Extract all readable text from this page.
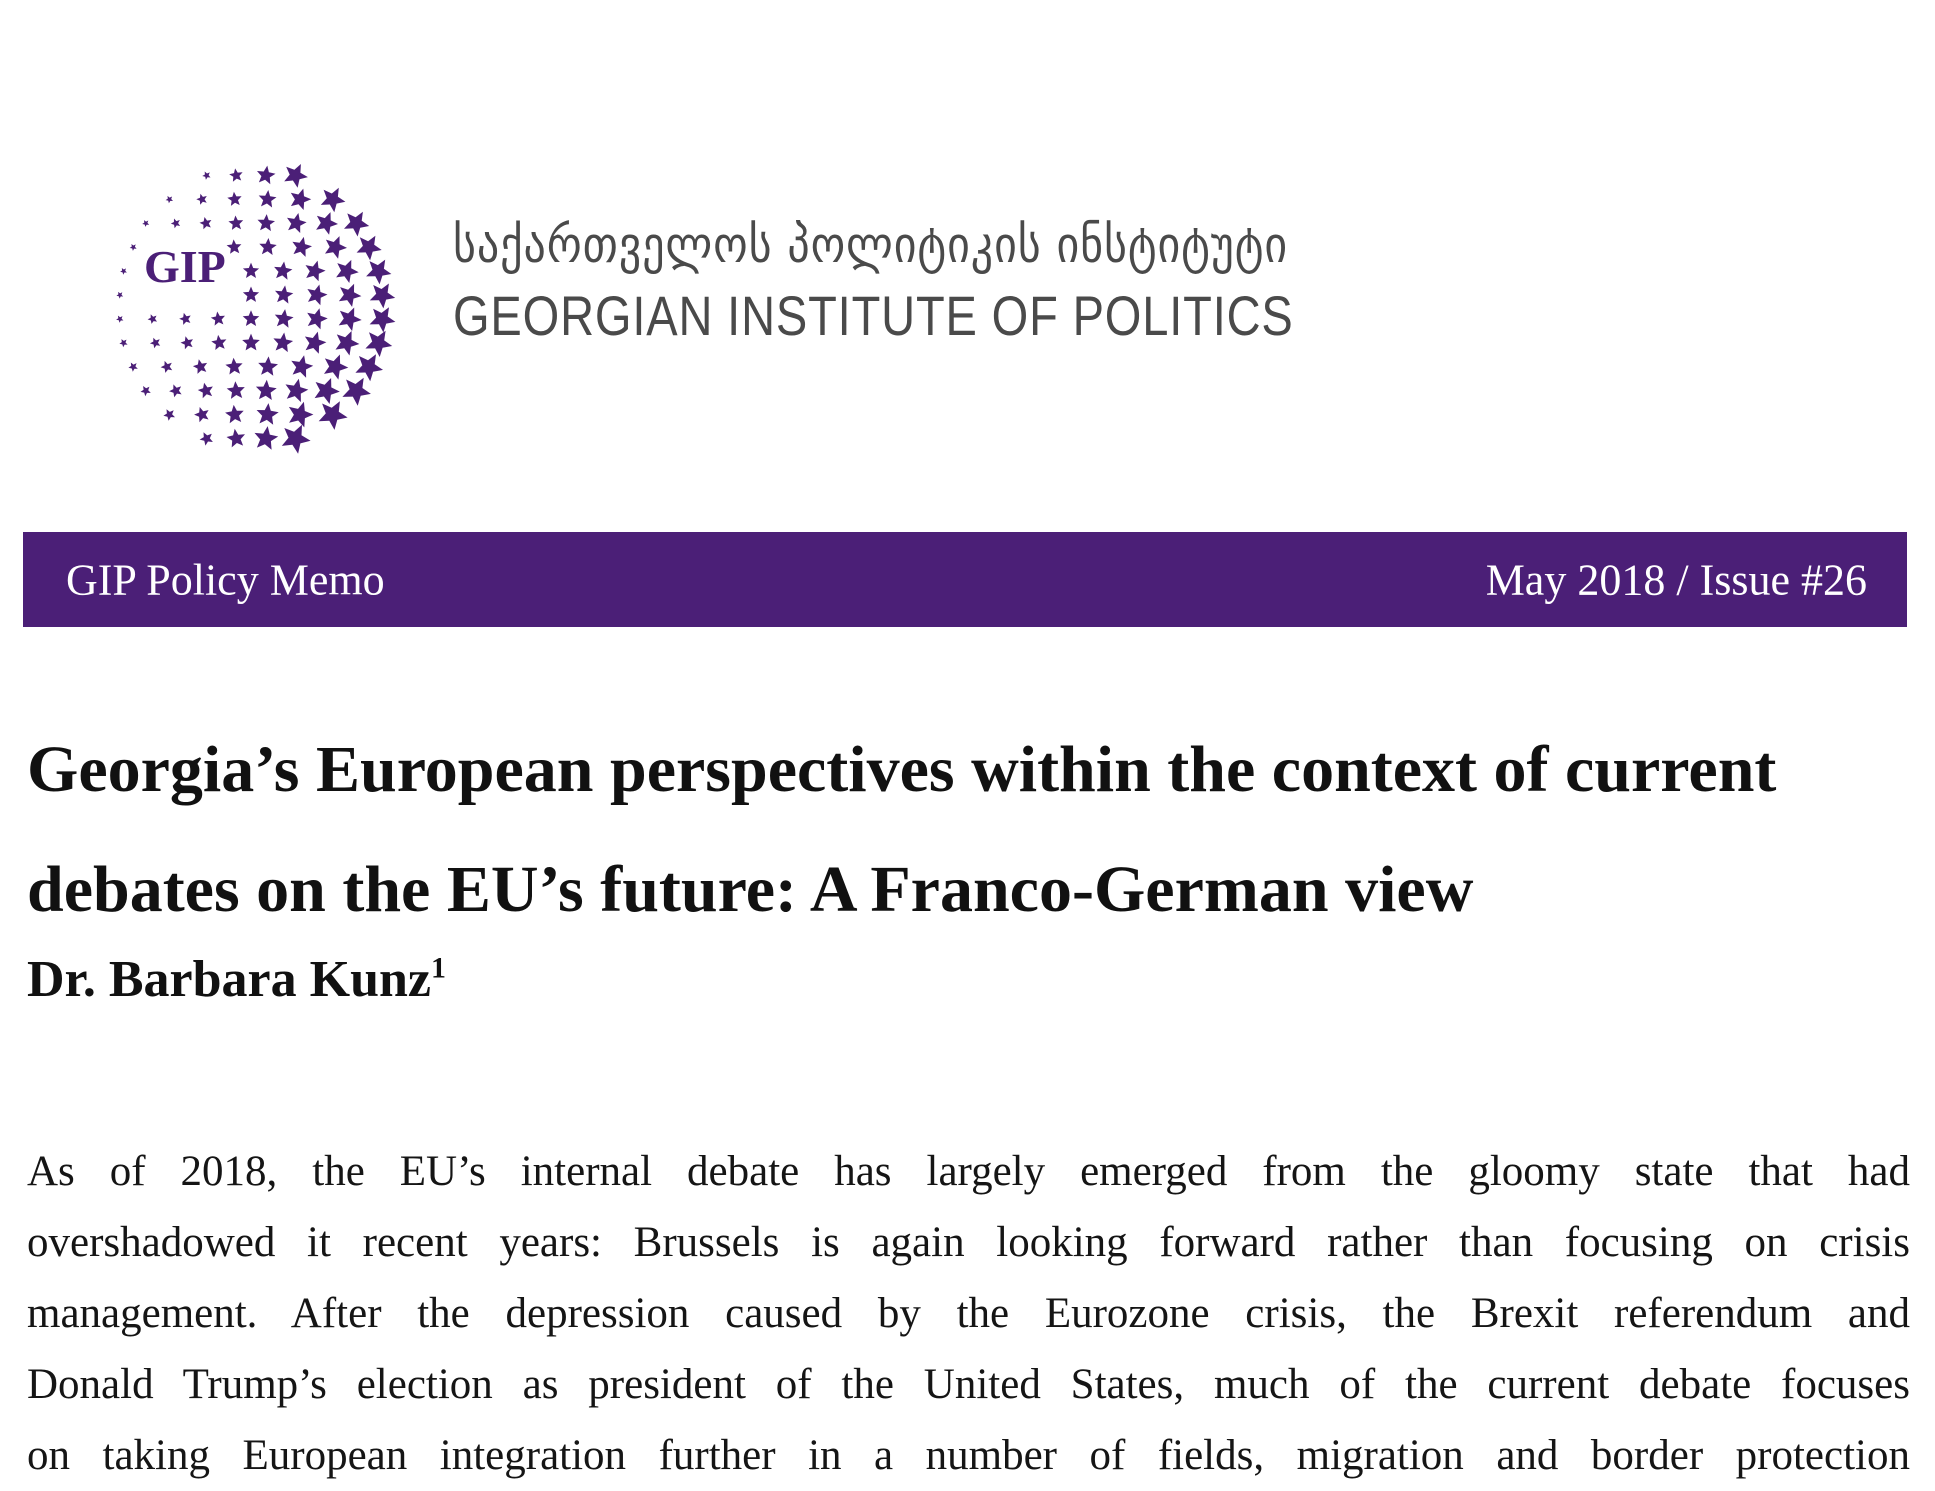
GIP	საქართველოს პოლიტიკის ინსტიტუტი
GEORGIAN INSTITUTE OF POLITICS
GIP Policy Memo	May 2018 / Issue #26
Georgia’s European perspectives within the context of current
debates on the EU’s future: A Franco-German view
Dr. Barbara Kunz$^1$
As of 2018, the EU’s internal debate has largely emerged from the gloomy state that had
overshadowed it recent years: Brussels is again looking forward rather than focusing on crisis
management. After the depression caused by the Eurozone crisis, the Brexit referendum and
Donald Trump’s election as president of the United States, much of the current debate focuses
on taking European integration further in a number of fields, migration and border protection
